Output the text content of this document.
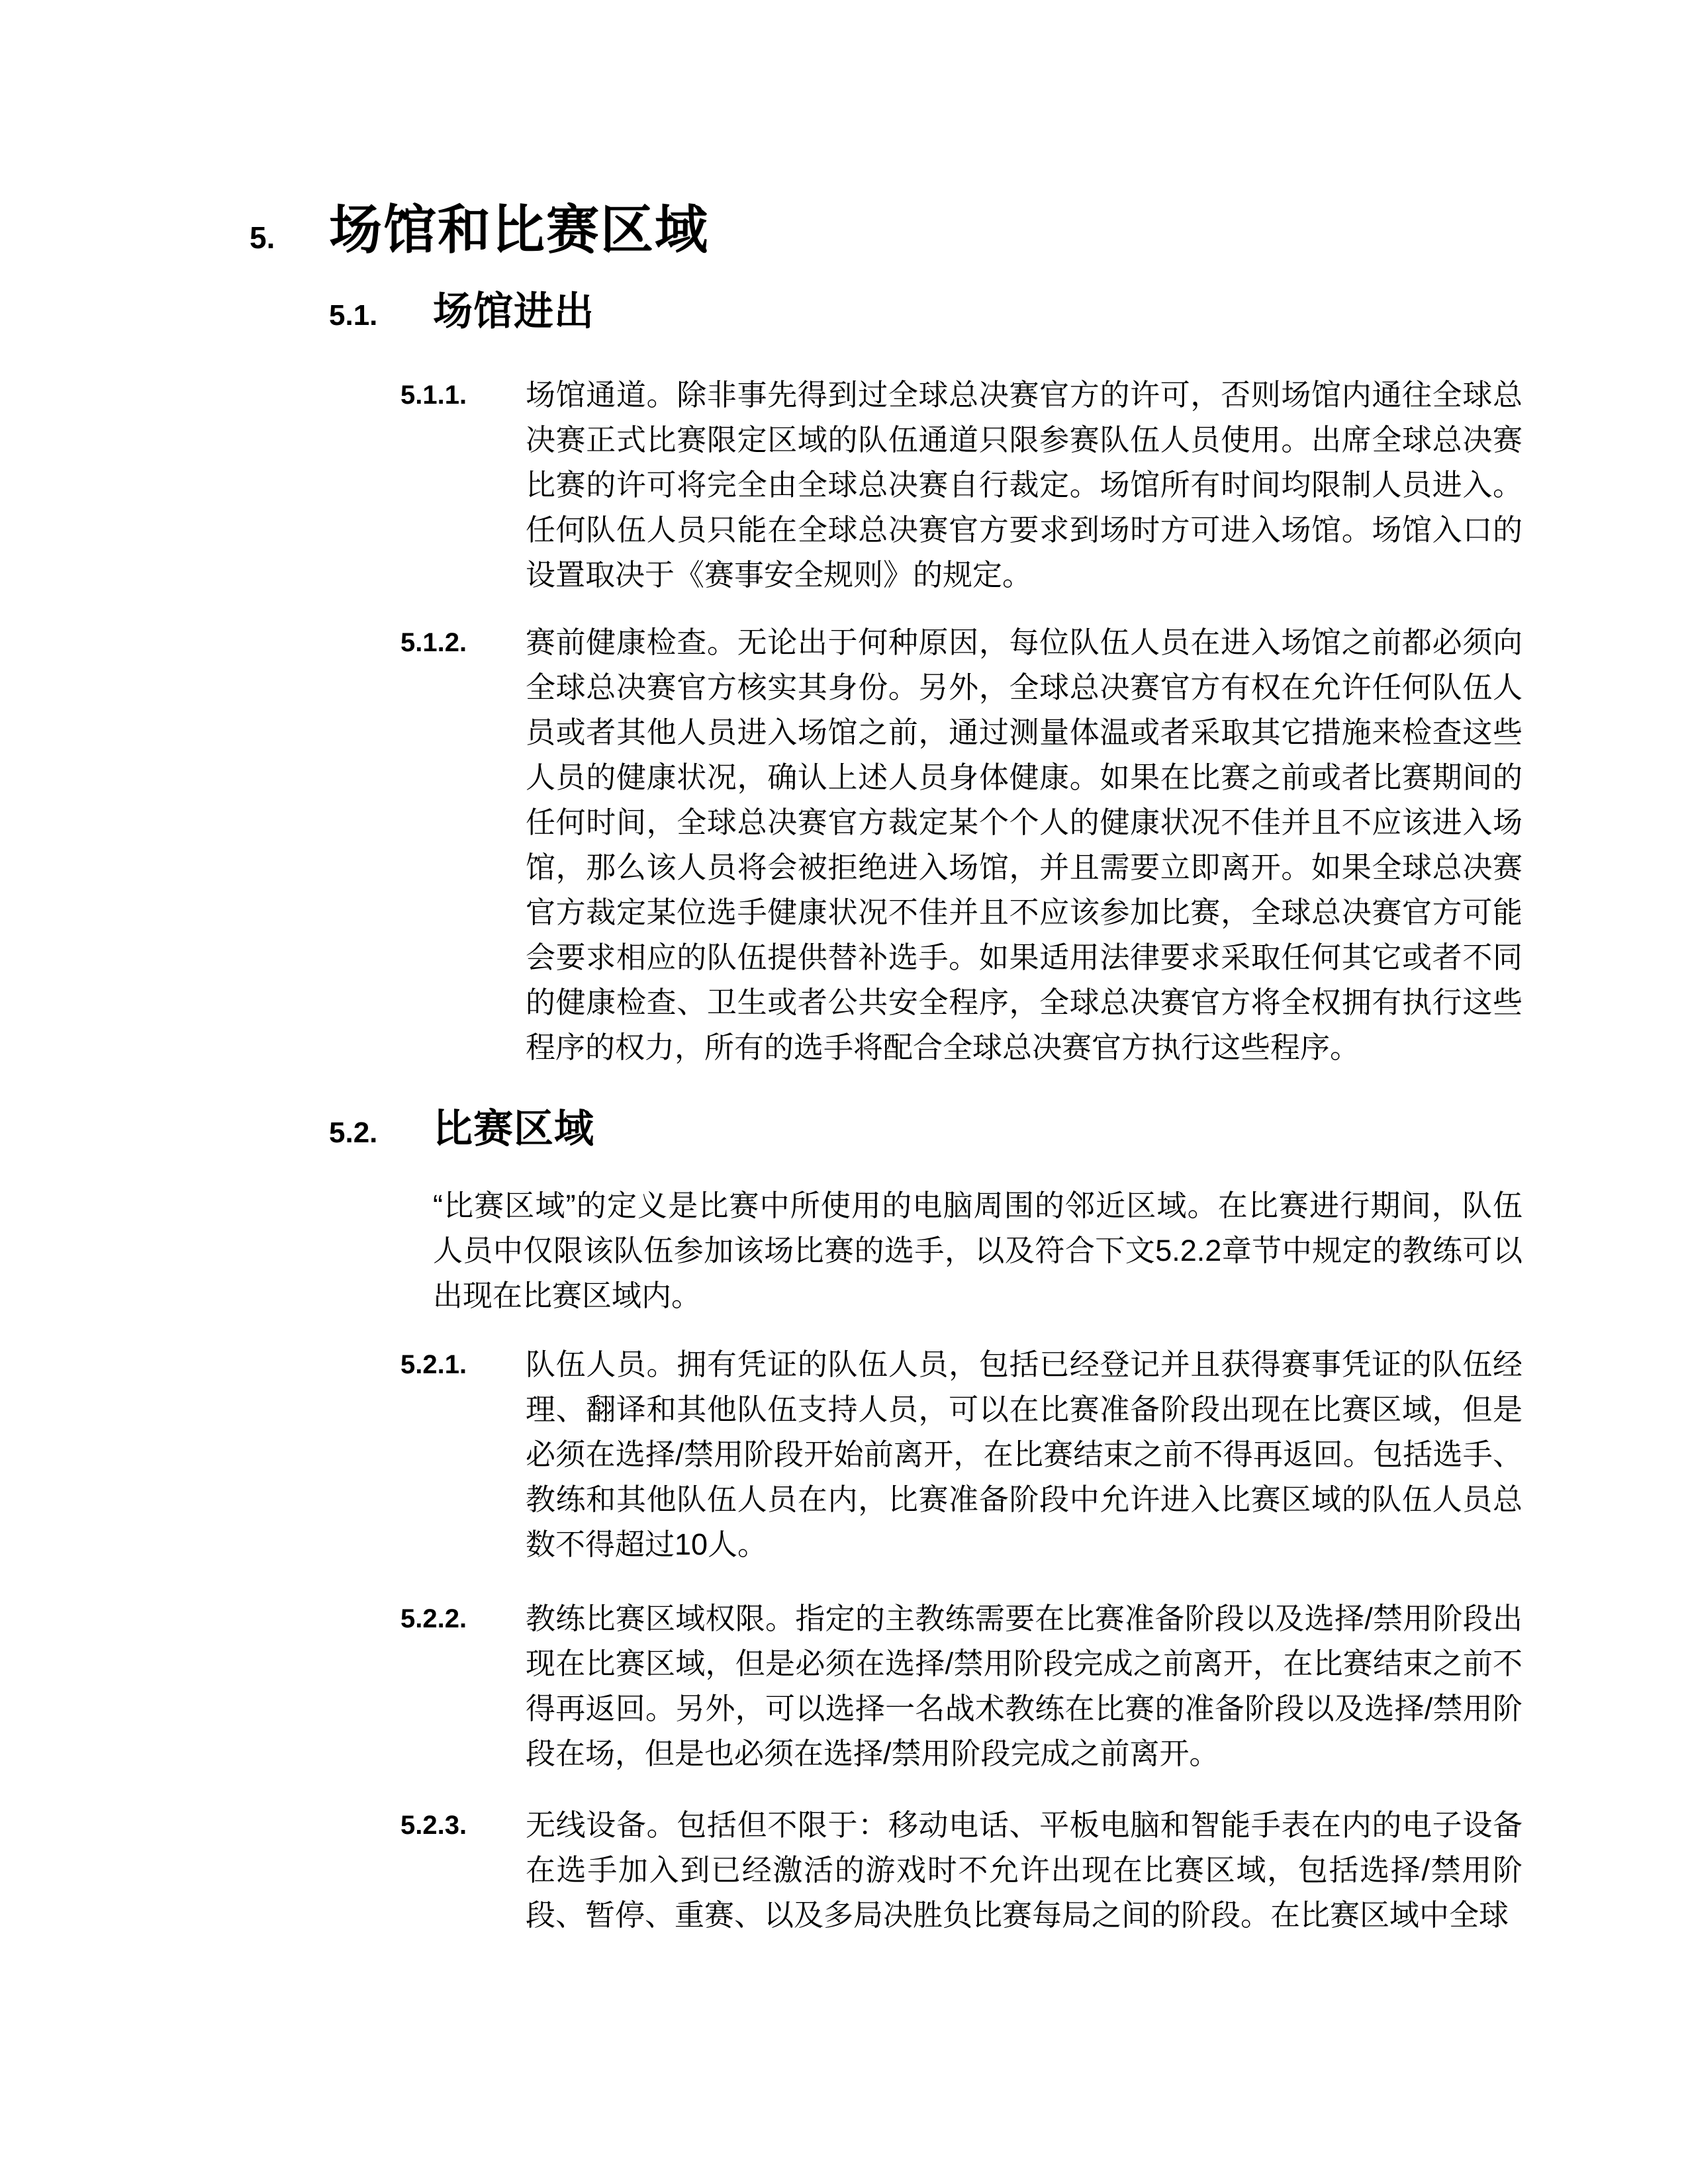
5. 场馆和比赛区域
5.1. 场馆进出
5.1.1. 场馆通道。除非事先得到过全球总决赛官方的许可，否则场馆内通往全球总决赛正式比赛限定区域的队伍通道只限参赛队伍人员使用。出席全球总决赛比赛的许可将完全由全球总决赛自行裁定。场馆所有时间均限制人员进入。任何队伍人员只能在全球总决赛官方要求到场时方可进入场馆。场馆入口的设置取决于《赛事安全规则》的规定。
5.1.2. 赛前健康检查。无论出于何种原因，每位队伍人员在进入场馆之前都必须向全球总决赛官方核实其身份。另外，全球总决赛官方有权在允许任何队伍人员或者其他人员进入场馆之前，通过测量体温或者采取其它措施来检查这些人员的健康状况，确认上述人员身体健康。如果在比赛之前或者比赛期间的任何时间，全球总决赛官方裁定某个个人的健康状况不佳并且不应该进入场馆，那么该人员将会被拒绝进入场馆，并且需要立即离开。如果全球总决赛官方裁定某位选手健康状况不佳并且不应该参加比赛，全球总决赛官方可能会要求相应的队伍提供替补选手。如果适用法律要求采取任何其它或者不同的健康检查、卫生或者公共安全程序，全球总决赛官方将全权拥有执行这些程序的权力，所有的选手将配合全球总决赛官方执行这些程序。
5.2. 比赛区域
“比赛区域”的定义是比赛中所使用的电脑周围的邻近区域。在比赛进行期间，队伍人员中仅限该队伍参加该场比赛的选手，以及符合下文5.2.2章节中规定的教练可以出现在比赛区域内。
5.2.1. 队伍人员。拥有凭证的队伍人员，包括已经登记并且获得赛事凭证的队伍经理、翻译和其他队伍支持人员，可以在比赛准备阶段出现在比赛区域，但是必须在选择/禁用阶段开始前离开，在比赛结束之前不得再返回。包括选手、教练和其他队伍人员在内，比赛准备阶段中允许进入比赛区域的队伍人员总数不得超过10人。
5.2.2. 教练比赛区域权限。指定的主教练需要在比赛准备阶段以及选择/禁用阶段出现在比赛区域，但是必须在选择/禁用阶段完成之前离开，在比赛结束之前不得再返回。另外，可以选择一名战术教练在比赛的准备阶段以及选择/禁用阶段在场，但是也必须在选择/禁用阶段完成之前离开。
5.2.3. 无线设备。包括但不限于：移动电话、平板电脑和智能手表在内的电子设备在选手加入到已经激活的游戏时不允许出现在比赛区域，包括选择/禁用阶段、暂停、重赛、以及多局决胜负比赛每局之间的阶段。在比赛区域中全球
